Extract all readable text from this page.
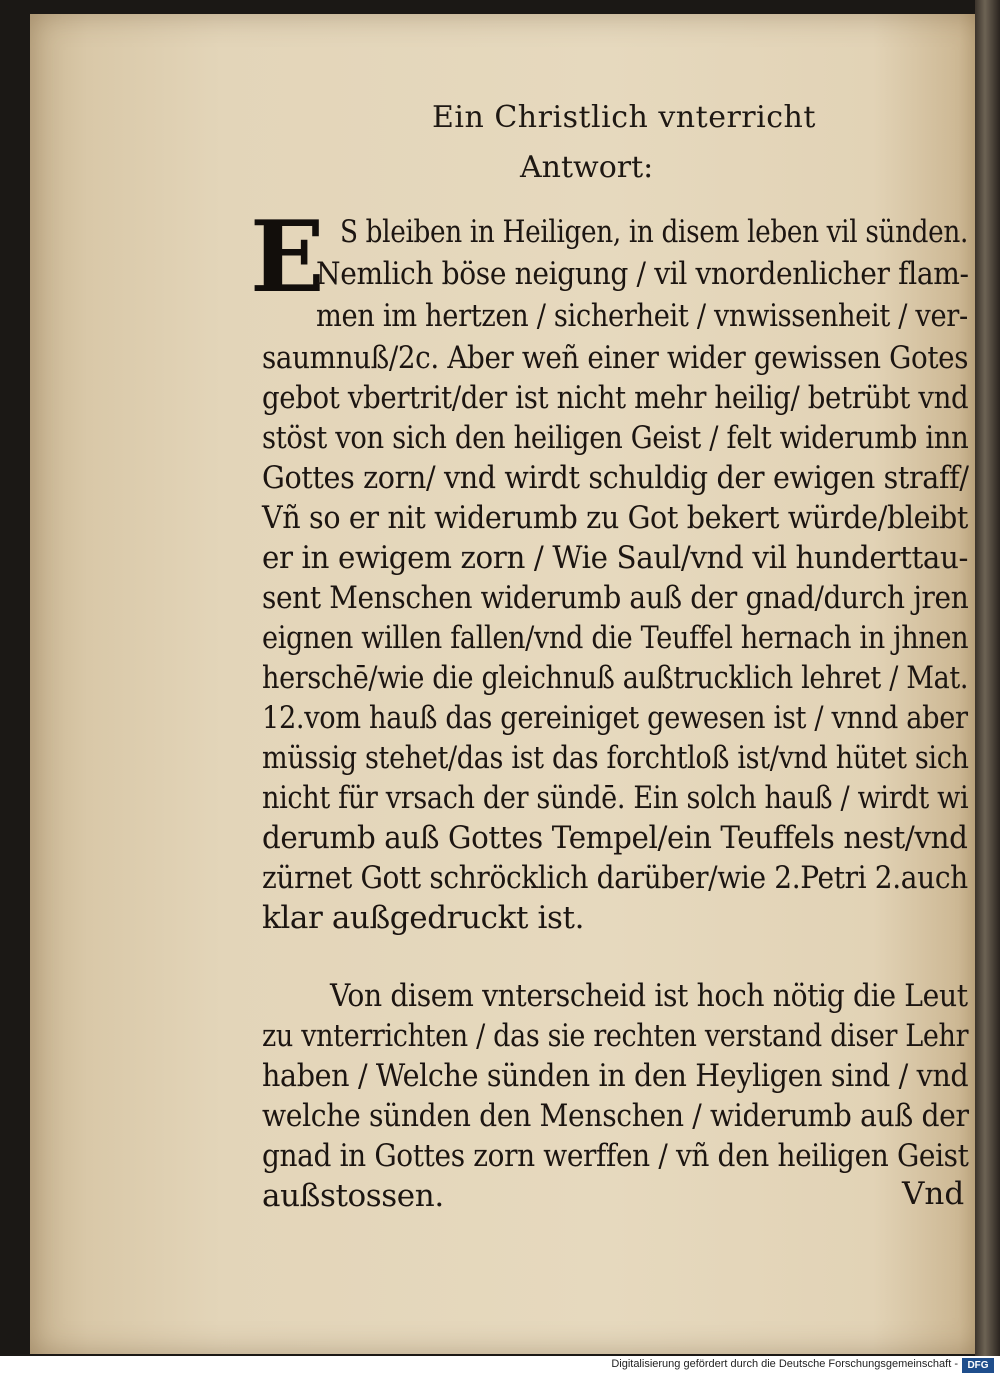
Ein Christlich vnterricht
Antwort:
E S bleiben in Heiligen, in disem leben vil sünden.
Nemlich böse neigung / vil vnordenlicher flam-
men im hertzen / sicherheit / vnwissenheit / ver-
saumnuß/2c. Aber weñ einer wider gewissen Gotes
gebot vbertrit/der ist nicht mehr heilig/ betrübt vnd
stöst von sich den heiligen Geist / felt widerumb inn
Gottes zorn/ vnd wirdt schuldig der ewigen straff/
Vñ so er nit widerumb zu Got bekert würde/bleibt
er in ewigem zorn / Wie Saul/vnd vil hunderttau-
sent Menschen widerumb auß der gnad/durch jren
eignen willen fallen/vnd die Teuffel hernach in jhnen
herschē/wie die gleichnuß außtrucklich lehret / Mat.
12.vom hauß das gereiniget gewesen ist / vnnd aber
müssig stehet/das ist das forchtloß ist/vnd hütet sich
nicht für vrsach der sündē. Ein solch hauß / wirdt wi
derumb auß Gottes Tempel/ein Teuffels nest/vnd
zürnet Gott schröcklich darüber/wie 2.Petri 2.auch
klar außgedruckt ist.
Von disem vnterscheid ist hoch nötig die Leut
zu vnterrichten / das sie rechten verstand diser Lehr
haben / Welche sünden in den Heyligen sind / vnd
welche sünden den Menschen / widerumb auß der
gnad in Gottes zorn werffen / vñ den heiligen Geist
außstossen.	Vnd
Digitalisierung gefördert durch die Deutsche Forschungsgemeinschaft - DFG
